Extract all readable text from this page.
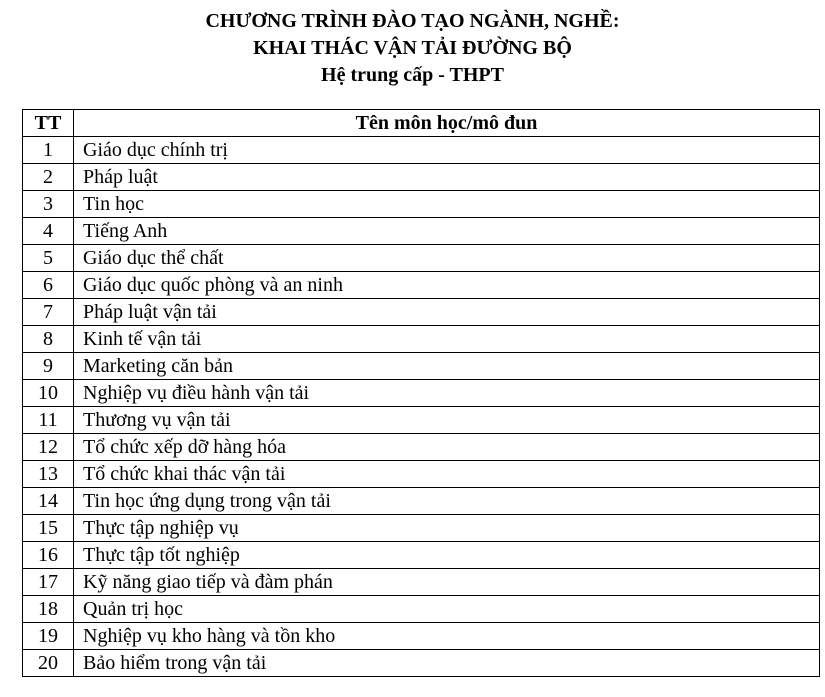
CHƯƠNG TRÌNH ĐÀO TẠO NGÀNH, NGHỀ:
KHAI THÁC VẬN TẢI ĐƯỜNG BỘ
Hệ trung cấp - THPT
TT	Tên môn học/mô đun
1	Giáo dục chính trị
2	Pháp luật
3	Tin học
4	Tiếng Anh
5	Giáo dục thể chất
6	Giáo dục quốc phòng và an ninh
7	Pháp luật vận tải
8	Kinh tế vận tải
9	Marketing căn bản
10	Nghiệp vụ điều hành vận tải
11	Thương vụ vận tải
12	Tổ chức xếp dỡ hàng hóa
13	Tổ chức khai thác vận tải
14	Tin học ứng dụng trong vận tải
15	Thực tập nghiệp vụ
16	Thực tập tốt nghiệp
17	Kỹ năng giao tiếp và đàm phán
18	Quản trị học
19	Nghiệp vụ kho hàng và tồn kho
20	Bảo hiểm trong vận tải
